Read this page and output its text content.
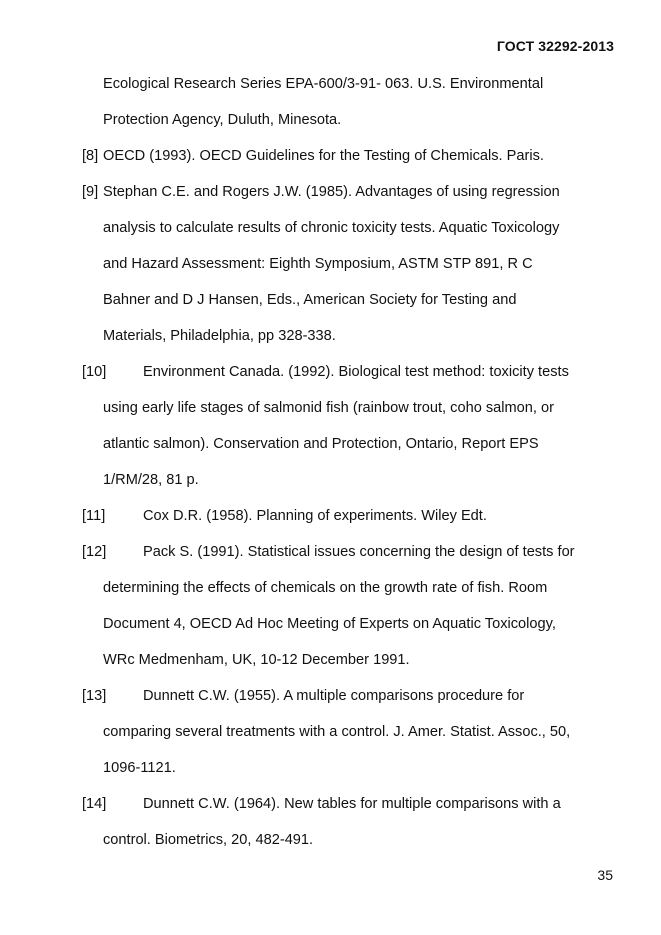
ГОСТ 32292-2013
Ecological Research Series EPA-600/3-91- 063. U.S. Environmental
Protection Agency, Duluth, Minesota.
[8] OECD (1993). OECD Guidelines for the Testing of Chemicals. Paris.
[9] Stephan C.E. and Rogers J.W. (1985). Advantages of using regression
analysis to calculate results of chronic toxicity tests. Aquatic Toxicology
and Hazard Assessment: Eighth Symposium, ASTM STP 891, R C
Bahner and D J Hansen, Eds., American Society for Testing and
Materials, Philadelphia, pp 328-338.
[10]	Environment Canada. (1992). Biological test method: toxicity tests
using early life stages of salmonid fish (rainbow trout, coho salmon, or
atlantic salmon). Conservation and Protection, Ontario, Report EPS
1/RM/28, 81 p.
[11]	Cox D.R. (1958). Planning of experiments. Wiley Edt.
[12]	Pack S. (1991). Statistical issues concerning the design of tests for
determining the effects of chemicals on the growth rate of fish. Room
Document 4, OECD Ad Hoc Meeting of Experts on Aquatic Toxicology,
WRc Medmenham, UK, 10-12 December 1991.
[13]	Dunnett C.W. (1955). A multiple comparisons procedure for
comparing several treatments with a control. J. Amer. Statist. Assoc., 50,
1096-1121.
[14]	Dunnett C.W. (1964). New tables for multiple comparisons with a
control. Biometrics, 20, 482-491.
35
